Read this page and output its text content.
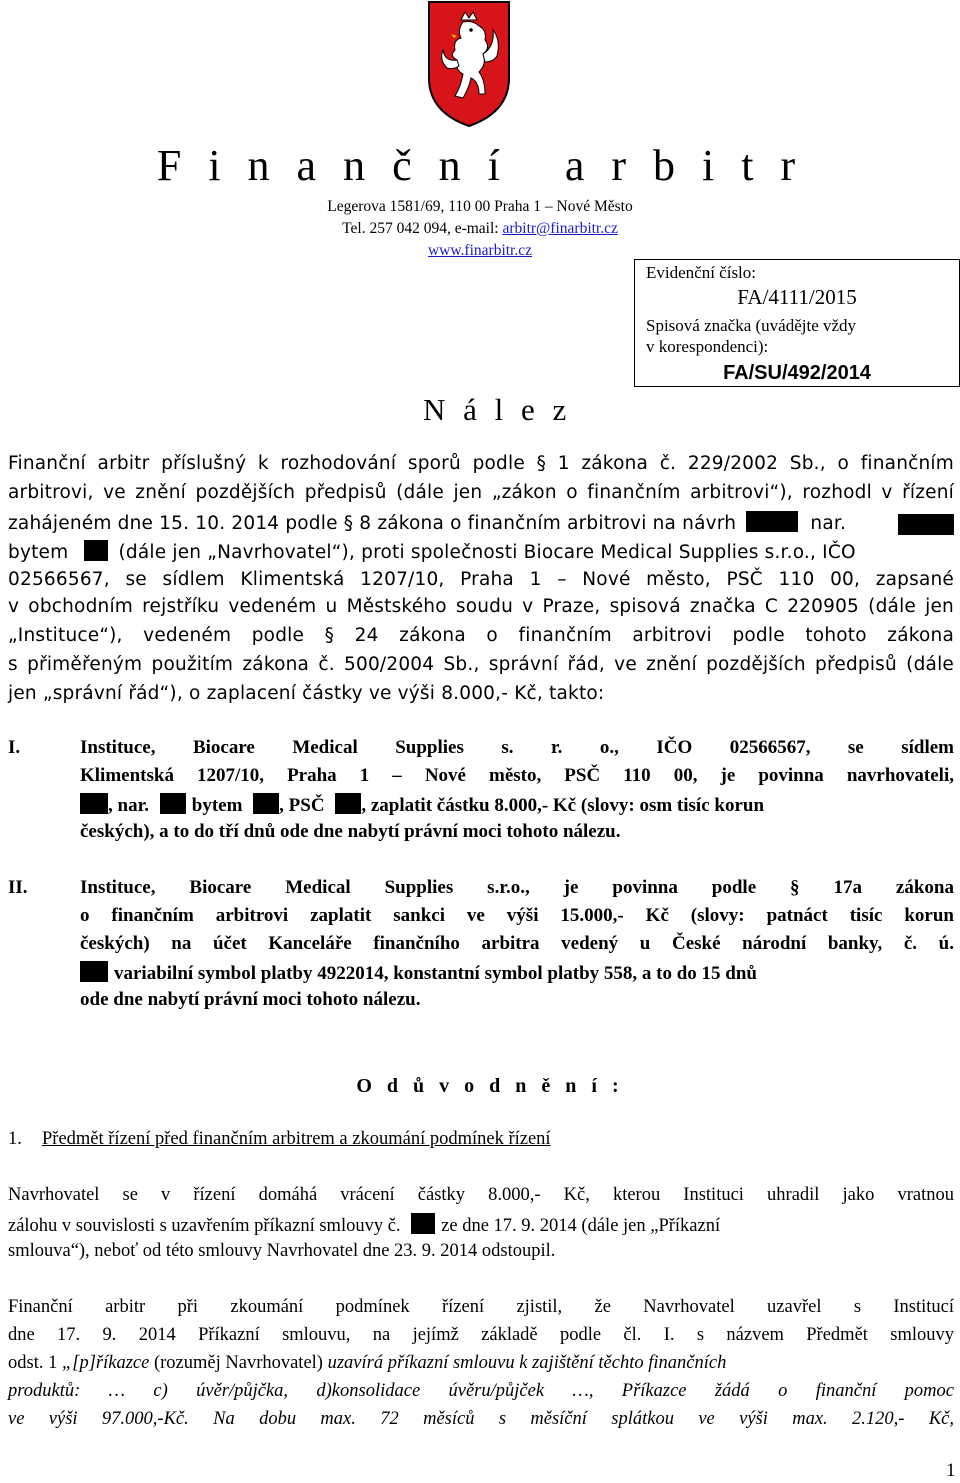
F i n a n č n í   a r b i t r
Legerova 1581/69, 110 00 Praha 1 – Nové Město
Tel. 257 042 094, e-mail: arbitr@finarbitr.cz
www.finarbitr.cz
Evidenční číslo:
FA/4111/2015
Spisová značka (uvádějte vždy
v korespondenci):
FA/SU/492/2014
N á l e z
Finanční arbitr příslušný k rozhodování sporů podle § 1 zákona č. 229/2002 Sb., o finančním
arbitrovi, ve znění pozdějších předpisů (dále jen „zákon o finančním arbitrovi“), rozhodl v řízení
zahájeném dne 15. 10. 2014 podle § 8 zákona o finančním arbitrovi na návrh	nar.
bytem	(dále jen „Navrhovatel“), proti společnosti Biocare Medical Supplies s.r.o., IČO
02566567, se sídlem Klimentská 1207/10, Praha 1 – Nové město, PSČ 110 00, zapsané
v obchodním rejstříku vedeném u Městského soudu v Praze, spisová značka C 220905 (dále jen
„Instituce“), vedeném podle § 24 zákona o finančním arbitrovi podle tohoto zákona
s přiměřeným použitím zákona č. 500/2004 Sb., správní řád, ve znění pozdějších předpisů (dále
jen „správní řád“), o zaplacení částky ve výši 8.000,- Kč, takto:
I.	Instituce, Biocare Medical Supplies s. r. o., IČO 02566567, se sídlem
Klimentská 1207/10, Praha 1 – Nové město, PSČ 110 00, je povinna navrhovateli,
, nar. bytem , PSČ , zaplatit částku 8.000,- Kč (slovy: osm tisíc korun
českých), a to do tří dnů ode dne nabytí právní moci tohoto nálezu.
II.	Instituce, Biocare Medical Supplies s.r.o., je povinna podle § 17a zákona
o finančním arbitrovi zaplatit sankci ve výši 15.000,- Kč (slovy: patnáct tisíc korun
českých) na účet Kanceláře finančního arbitra vedený u České národní banky, č. ú.
variabilní symbol platby 4922014, konstantní symbol platby 558, a to do 15 dnů
ode dne nabytí právní moci tohoto nálezu.
O d ů v o d n ě n í :
1. Předmět řízení před finančním arbitrem a zkoumání podmínek řízení
Navrhovatel se v řízení domáhá vrácení částky 8.000,- Kč, kterou Instituci uhradil jako vratnou
zálohu v souvislosti s uzavřením příkazní smlouvy č. ze dne 17. 9. 2014 (dále jen „Příkazní
smlouva“), neboť od této smlouvy Navrhovatel dne 23. 9. 2014 odstoupil.
Finanční arbitr při zkoumání podmínek řízení zjistil, že Navrhovatel uzavřel s Institucí
dne 17. 9. 2014 Příkazní smlouvu, na jejímž základě podle čl. I. s názvem Předmět smlouvy
odst. 1 „[p]říkazce (rozuměj Navrhovatel) uzavírá příkazní smlouvu k zajištění těchto finančních
produktů: … c) úvěr/půjčka, d)konsolidace úvěru/půjček …, Příkazce žádá o finanční pomoc
ve výši 97.000,-Kč. Na dobu max. 72 měsíců s měsíční splátkou ve výši max. 2.120,- Kč,
1
